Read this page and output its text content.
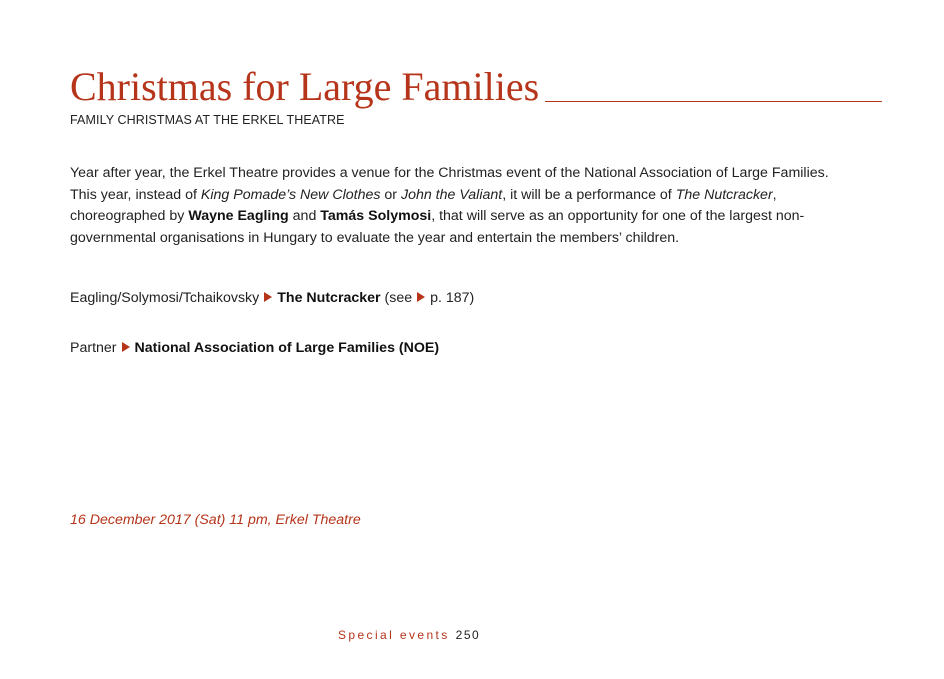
Christmas for Large Families
FAMILY CHRISTMAS AT THE ERKEL THEATRE
Year after year, the Erkel Theatre provides a venue for the Christmas event of the National Association of Large Families.
This year, instead of King Pomade’s New Clothes or John the Valiant, it will be a performance of The Nutcracker,
choreographed by Wayne Eagling and Tamás Solymosi, that will serve as an opportunity for one of the largest non-
governmental organisations in Hungary to evaluate the year and entertain the members’ children.
Eagling/Solymosi/Tchaikovsky The Nutcracker (see p. 187)
Partner National Association of Large Families (NOE)
16 December 2017 (Sat) 11 pm, Erkel Theatre
Special events 250
